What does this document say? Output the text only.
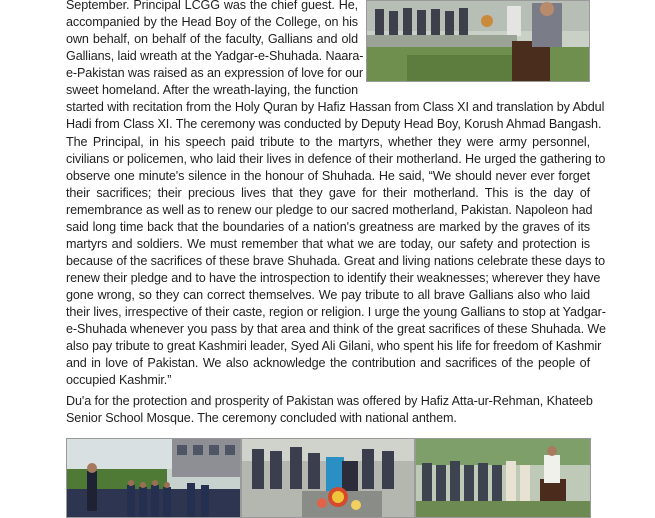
September. Principal LCGG was the chief guest. He,
accompanied by the Head Boy of the College, on his
own behalf, on behalf of the faculty, Gallians and old
Gallians, laid wreath at the Yadgar-e-Shuhada. Naara-
e-Pakistan was raised as an expression of love for our
sweet homeland. After the wreath-laying, the function
started with recitation from the Holy Quran by Hafiz Hassan from Class XI and translation by Abdul
Hadi from Class XI. The ceremony was conducted by Deputy Head Boy, Korush Ahmad Bangash.
The Principal, in his speech paid tribute to the martyrs, whether they were army personnel,
civilians or policemen, who laid their lives in defence of their motherland. He urged the gathering to
observe one minute's silence in the honour of Shuhada. He said, “We should never ever forget
their sacrifices; their precious lives that they gave for their motherland. This is the day of
remembrance as well as to renew our pledge to our sacred motherland, Pakistan. Napoleon had
said long time back that the boundaries of a nation's greatness are marked by the graves of its
martyrs and soldiers. We must remember that what we are today, our safety and protection is
because of the sacrifices of these brave Shuhada. Great and living nations celebrate these days to
renew their pledge and to have the introspection to identify their weaknesses; wherever they have
gone wrong, so they can correct themselves. We pay tribute to all brave Gallians also who laid
their lives, irrespective of their caste, region or religion. I urge the young Gallians to stop at Yadgar-
e-Shuhada whenever you pass by that area and think of the great sacrifices of these Shuhada. We
also pay tribute to great Kashmiri leader, Syed Ali Gilani, who spent his life for freedom of Kashmir
and in love of Pakistan. We also acknowledge the contribution and sacrifices of the people of
occupied Kashmir.”
Du'a for the protection and prosperity of Pakistan was offered by Hafiz Atta-ur-Rehman, Khateeb
Senior School Mosque. The ceremony concluded with national anthem.
